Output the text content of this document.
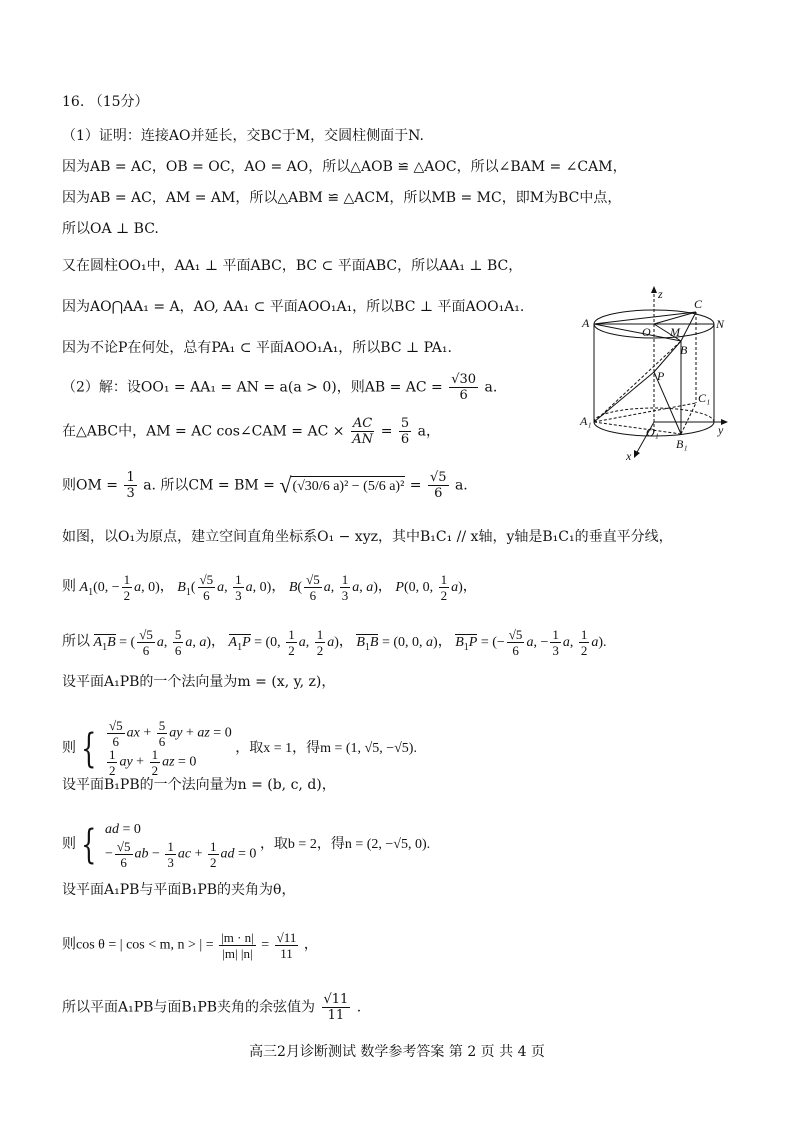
16. （15分）
（1）证明：连接AO并延长，交BC于M，交圆柱侧面于N.
因为AB = AC，OB = OC，AO = AO，所以△AOB ≌ △AOC，所以∠BAM = ∠CAM，
因为AB = AC，AM = AM，所以△ABM ≌ △ACM，所以MB = MC，即M为BC中点，
所以OA ⊥ BC.
又在圆柱OO₁中，AA₁ ⊥ 平面ABC，BC ⊂ 平面ABC，所以AA₁ ⊥ BC，
因为AO⋂AA₁ = A，AO, AA₁ ⊂ 平面AOO₁A₁，所以BC ⊥ 平面AOO₁A₁.
因为不论P在何处，总有PA₁ ⊂ 平面AOO₁A₁，所以BC ⊥ PA₁.
（2）解：设OO₁ = AA₁ = AN = a(a > 0)，则AB = AC = $\frac{√30}{6} a$.
在△ABC中，AM = AC cos∠CAM = AC × $\frac{AC}{AN} = \frac{5}{6}$ a，
则OM = $\frac{1}{3} a$. 所以CM = BM = √(√30/6 a)² − (5/6 $a)^2 = \frac{√5}{6} a$.
如图，以O₁为原点，建立空间直角坐标系O₁ − xyz，其中B₁C₁ // x轴，y轴是B₁C₁的垂直平分线，
则 $A_1(0$, − $\frac{1}{2} a$, 0)， $B_1( \frac{√5}{6} a$, $\frac{1}{3} a$, 0)， $B( \frac{√5}{6} a$, $\frac{1}{3} a$, a)， P(0, 0, $\frac{1}{2} a$)，
所以 $A_1B$ = ( $\frac{√5}{6} a$, $\frac{5}{6} a$, a)， $A_1P = (0$, $\frac{1}{2} a$, $\frac{1}{2} a$)， $B_1B = (0$, 0, a)， $B_1P$ = (− $\frac{√5}{6} a$, − $\frac{1}{3} a$, $\frac{1}{2} a$).
设平面A₁PB的一个法向量为m = (x, y, z)，
则 { $\frac{√5}{6}$ ax + $\frac{5}{6}$ ay + az = 0
$\frac{1}{2}$ ay + $\frac{1}{2}$ az = 0
，取x = 1，得m = (1, √5, −√5).
设平面B₁PB的一个法向量为n = (b, c, d)，
则 { ad = 0
− $\frac{√5}{6}$ ab − $\frac{1}{3}$ ac + $\frac{1}{2}$ ad = 0
，取b = 2，得n = (2, −√5, 0).
设平面A₁PB与平面B₁PB的夹角为θ，
则cos θ = | cos < m, n > | = $\frac{|m \cdot n|}{|m| |n|} = \frac{√11}{11}$ ，
所以平面A₁PB与面B₁PB夹角的余弦值为 $\frac{√11}{11}$ .
z
A
C
N
O M
B
P
C₁
A₁
O₁	y
B₁
x
高三2月诊断测试 数学参考答案 第 2 页 共 4 页
